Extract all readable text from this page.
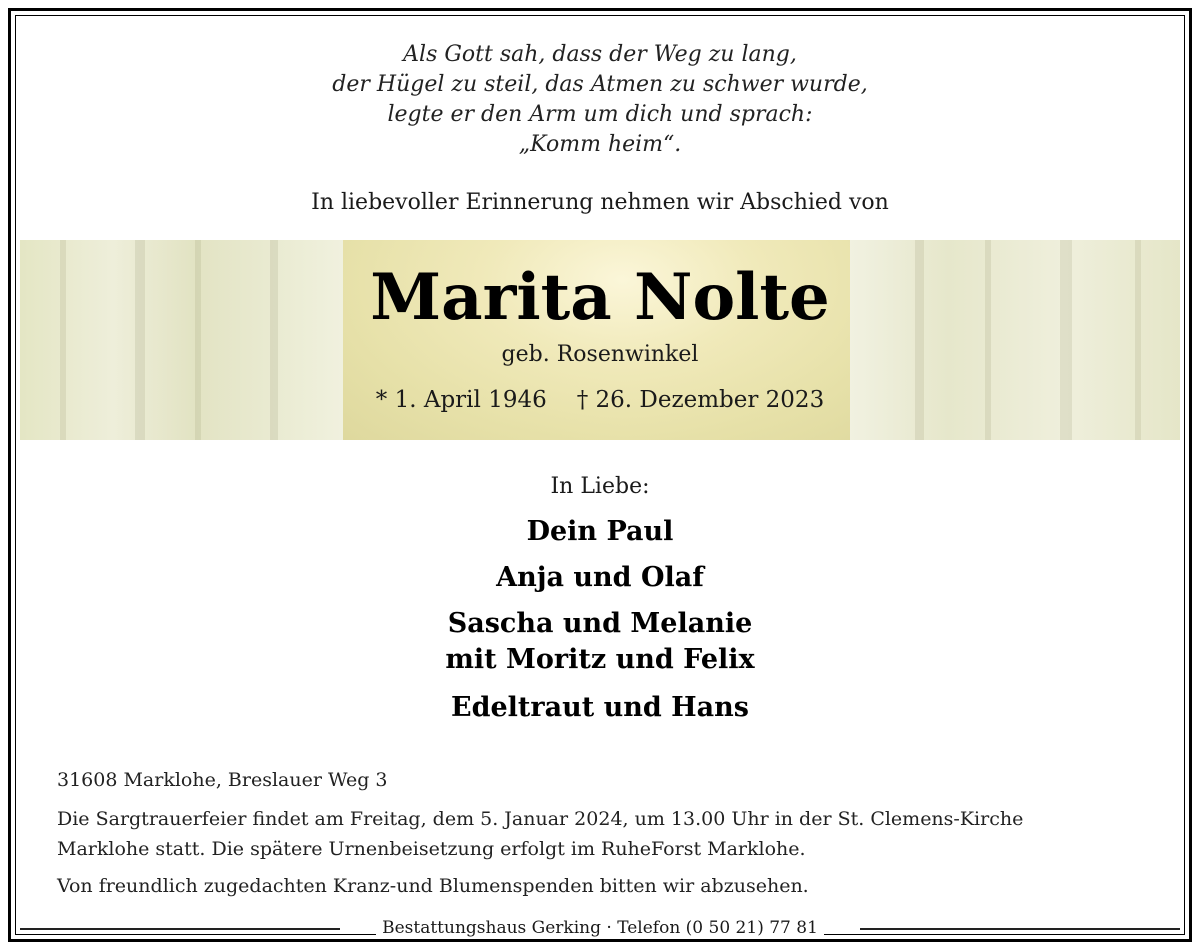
Als Gott sah, dass der Weg zu lang,
der Hügel zu steil, das Atmen zu schwer wurde,
legte er den Arm um dich und sprach:
„Komm heim“.
In liebevoller Erinnerung nehmen wir Abschied von
Marita Nolte
geb. Rosenwinkel
* 1. April 1946 † 26. Dezember 2023
In Liebe:
Dein Paul
Anja und Olaf
Sascha und Melanie
mit Moritz und Felix
Edeltraut und Hans
31608 Marklohe, Breslauer Weg 3
Die Sargtrauerfeier findet am Freitag, dem 5. Januar 2024, um 13.00 Uhr in der St. Clemens-Kirche
Marklohe statt. Die spätere Urnenbeisetzung erfolgt im RuheForst Marklohe.
Von freundlich zugedachten Kranz-und Blumenspenden bitten wir abzusehen.
Bestattungshaus Gerking · Telefon (0 50 21) 77 81
